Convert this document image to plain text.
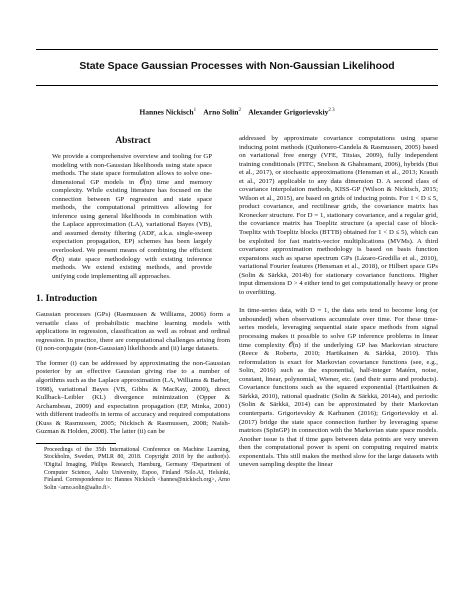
State Space Gaussian Processes with Non-Gaussian Likelihood
Hannes Nickisch$^1$ Arno Solin$^2$ Alexander Grigorievskiy$^{2 3}$
Abstract

We provide a comprehensive overview and tooling for GP modeling with non-Gaussian likelihoods using state space methods. The state space formulation allows to solve one-dimensional GP models in 𝒪(n) time and memory complexity. While existing literature has focused on the connection between GP regression and state space methods, the computational primitives allowing for inference using general likelihoods in combination with the Laplace approximation (LA), variational Bayes (VB), and assumed density filtering (ADF, a.k.a. single-sweep expectation propagation, EP) schemes has been largely overlooked. We present means of combining the efficient 𝒪(n) state space methodology with existing inference methods. We extend existing methods, and provide unifying code implementing all approaches.

1. Introduction

Gaussian processes (GPs) (Rasmussen & Williams, 2006) form a versatile class of probabilistic machine learning models with applications in regression, classification as well as robust and ordinal regression. In practice, there are computational challenges arising from (i) non-conjugate (non-Gaussian) likelihoods and (ii) large datasets.

The former (i) can be addressed by approximating the non-Gaussian posterior by an effective Gaussian giving rise to a number of algorithms such as the Laplace approximation (LA, Williams & Barber, 1998), variational Bayes (VB, Gibbs & MacKay, 2000), direct Kullback–Leibler (KL) divergence minimization (Opper & Archambeau, 2009) and expectation propagation (EP, Minka, 2001) with different tradeoffs in terms of accuracy and required computations (Kuss & Rasmussen, 2005; Nickisch & Rasmussen, 2008; Naish-Guzman & Holden, 2008). The latter (ii) can be

Proceedings of the 35th International Conference on Machine Learning, Stockholm, Sweden, PMLR 80, 2018. Copyright 2018 by the author(s). ¹Digital Imaging, Philips Research, Hamburg, Germany ²Department of Computer Science, Aalto University, Espoo, Finland ³Silo.AI, Helsinki, Finland. Correspondence to: Hannes Nickisch <hannes@nickisch.org>, Arno Solin <arno.solin@aalto.fi>.

addressed by approximate covariance computations using sparse inducing point methods (Quiñonero-Candela & Rasmussen, 2005) based on variational free energy (VFE, Titsias, 2009), fully independent training conditionals (FITC, Snelson & Ghahramani, 2006), hybrids (Bui et al., 2017), or stochastic approximations (Hensman et al., 2013; Krauth et al., 2017) applicable to any data dimension D. A second class of covariance interpolation methods, KISS-GP (Wilson & Nickisch, 2015; Wilson et al., 2015), are based on grids of inducing points. For 1 < D ≤ 5, product covariance, and rectilinear grids, the covariance matrix has Kronecker structure. For D = 1, stationary covariance, and a regular grid, the covariance matrix has Toeplitz structure (a special case of block-Toeplitz with Toeplitz blocks (BTTB) obtained for 1 < D ≤ 5), which can be exploited for fast matrix-vector multiplications (MVMs). A third covariance approximation methodology is based on basis function expansions such as sparse spectrum GPs (Lázaro-Gredilla et al., 2010), variational Fourier features (Hensman et al., 2018), or Hilbert space GPs (Solin & Särkkä, 2014b) for stationary covariance functions. Higher input dimensions D > 4 either tend to get computationally heavy or prone to overfitting.

In time-series data, with D = 1, the data sets tend to become long (or unbounded) when observations accumulate over time. For these time-series models, leveraging sequential state space methods from signal processing makes it possible to solve GP inference problems in linear time complexity 𝒪(n) if the underlying GP has Markovian structure (Reece & Roberts, 2010; Hartikainen & Särkkä, 2010). This reformulation is exact for Markovian covariance functions (see, e.g., Solin, 2016) such as the exponential, half-integer Matérn, noise, constant, linear, polynomial, Wiener, etc. (and their sums and products). Covariance functions such as the squared exponential (Hartikainen & Särkkä, 2010), rational quadratic (Solin & Särkkä, 2014a), and periodic (Solin & Särkkä, 2014) can be approximated by their Markovian counterparts. Grigorievskiy & Karhunen (2016); Grigorievskiy et al. (2017) bridge the state space connection further by leveraging sparse matrices (SpInGP) in connection with the Markovian state space models. Another issue is that if time gaps between data points are very uneven then the computational power is spent on computing required matrix exponentials. This still makes the method slow for the large datasets with uneven sampling despite the linear
